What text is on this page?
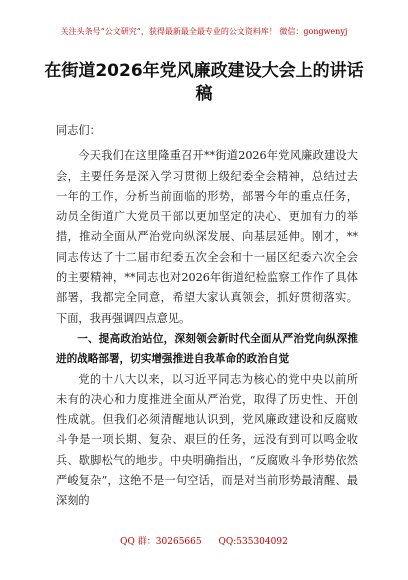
关注头条号“公文研究”，获得最新最全最专业的公文资料库！ 微信：gongwenyj
在街道2026年党风廉政建设大会上的讲话稿

同志们：

今天我们在这里隆重召开**街道2026年党风廉政建设大会，主要任务是深入学习贯彻上级纪委全会精神，总结过去一年的工作，分析当前面临的形势，部署今年的重点任务，动员全街道广大党员干部以更加坚定的决心、更加有力的举措，推动全面从严治党向纵深发展、向基层延伸。刚才，**同志传达了十二届市纪委五次全会和十一届区纪委六次全会的主要精神，**同志也对2026年街道纪检监察工作作了具体部署，我都完全同意，希望大家认真领会，抓好贯彻落实。下面，我再强调四点意见。

一、提高政治站位，深刻领会新时代全面从严治党向纵深推进的战略部署，切实增强推进自我革命的政治自觉

党的十八大以来，以习近平同志为核心的党中央以前所未有的决心和力度推进全面从严治党，取得了历史性、开创性成就。但我们必须清醒地认识到，党风廉政建设和反腐败斗争是一项长期、复杂、艰巨的任务，远没有到可以鸣金收兵、歇脚松气的地步。中央明确指出，“反腐败斗争形势依然严峻复杂”，这绝不是一句空话，而是对当前形势最清醒、最深刻的

QQ 群：30265665 QQ:535304092
